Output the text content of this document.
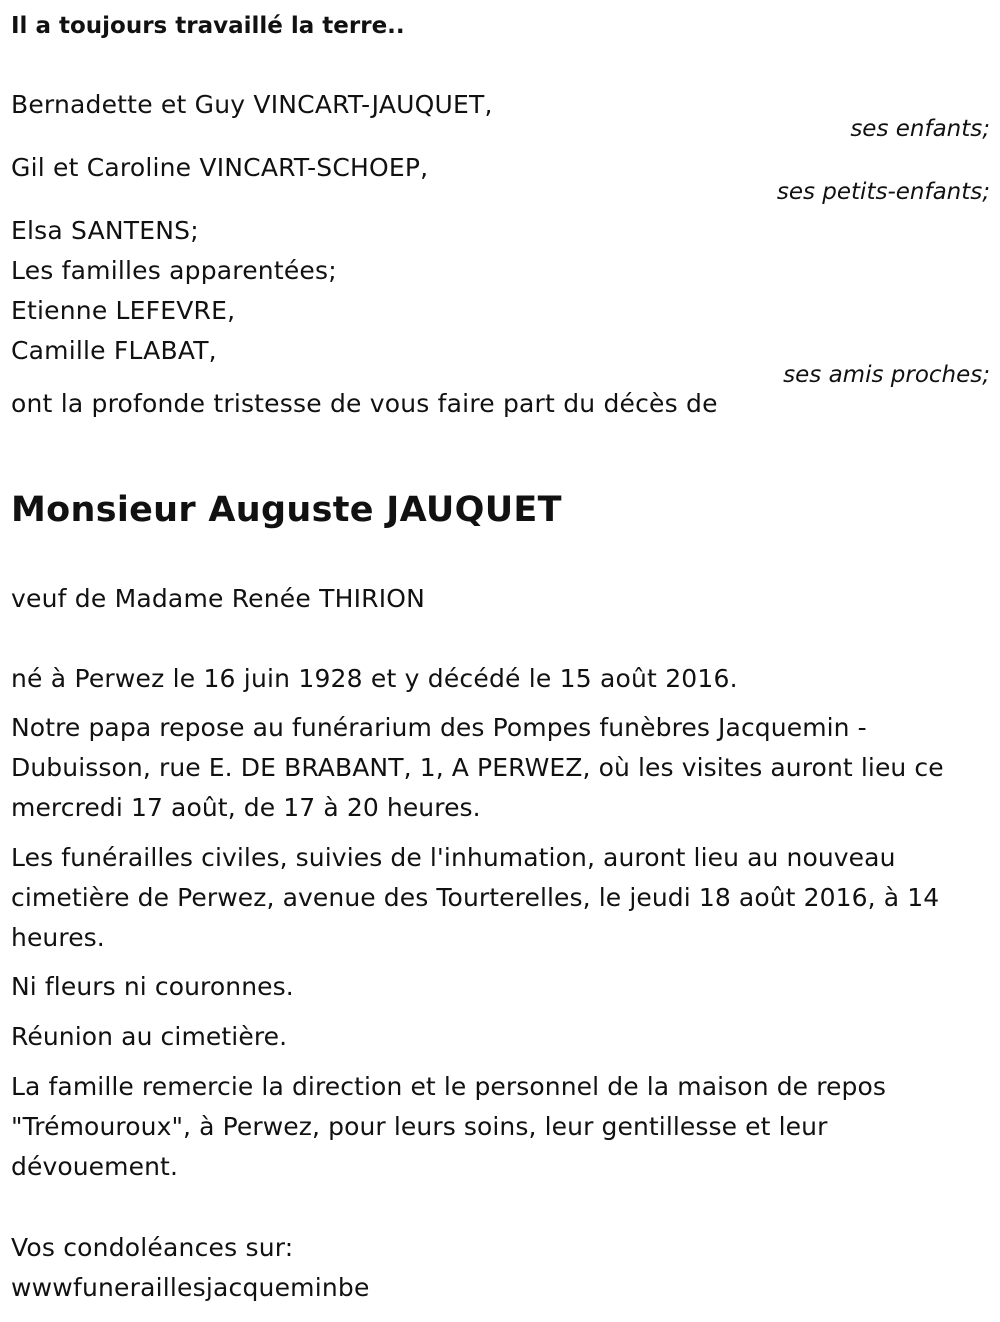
Il a toujours travaillé la terre..
Bernadette et Guy VINCART-JAUQUET,
ses enfants;
Gil et Caroline VINCART-SCHOEP,
ses petits-enfants;
Elsa SANTENS;
Les familles apparentées;
Etienne LEFEVRE,
Camille FLABAT,
ses amis proches;
ont la profonde tristesse de vous faire part du décès de
Monsieur Auguste JAUQUET
veuf de Madame Renée THIRION
né à Perwez le 16 juin 1928 et y décédé le 15 août 2016.
Notre papa repose au funérarium des Pompes funèbres Jacquemin - Dubuisson, rue E. DE BRABANT, 1, A PERWEZ, où les visites auront lieu ce mercredi 17 août, de 17 à 20 heures.
Les funérailles civiles, suivies de l'inhumation, auront lieu au nouveau cimetière de Perwez, avenue des Tourterelles, le jeudi 18 août 2016, à 14 heures.
Ni fleurs ni couronnes.
Réunion au cimetière.
La famille remercie la direction et le personnel de la maison de repos "Trémouroux", à Perwez, pour leurs soins, leur gentillesse et leur dévouement.
Vos condoléances sur:
wwwfuneraillesjacqueminbe
